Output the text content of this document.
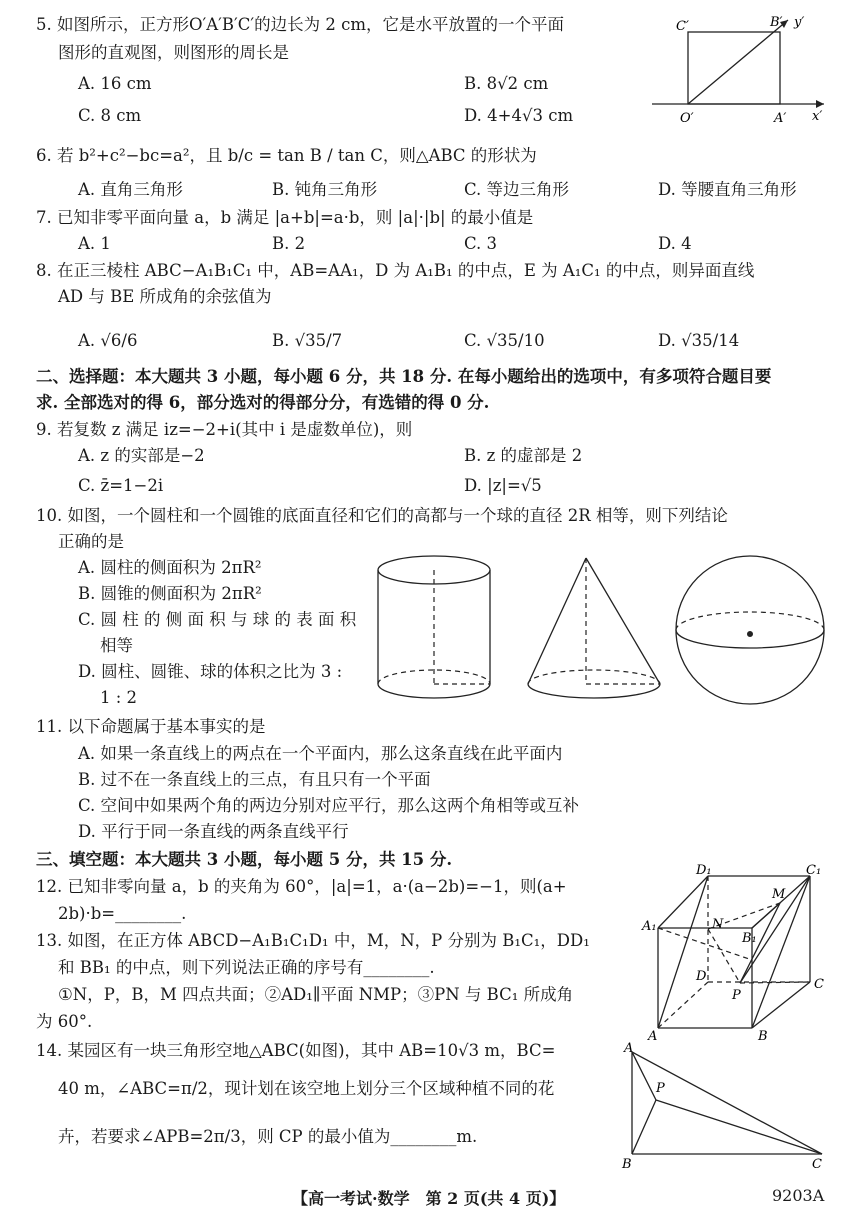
5. 如图所示，正方形O′A′B′C′的边长为 2 cm，它是水平放置的一个平面
图形的直观图，则图形的周长是
A. 16 cm	B. 8√2 cm
C. 8 cm	D. 4+4√3 cm
C′	B′ y′
O′	A′ x′
6. 若 b²+c²−bc=a²，且 b/c = tan B / tan C，则△ABC 的形状为
A. 直角三角形	B. 钝角三角形	C. 等边三角形	D. 等腰直角三角形
7. 已知非零平面向量 a，b 满足 |a+b|=a·b，则 |a|·|b| 的最小值是
A. 1	B. 2	C. 3	D. 4
8. 在正三棱柱 ABC−A₁B₁C₁ 中，AB=AA₁，D 为 A₁B₁ 的中点，E 为 A₁C₁ 的中点，则异面直线
AD 与 BE 所成角的余弦值为
A. √6/6	B. √35/7	C. √35/10	D. √35/14
二、选择题：本大题共 3 小题，每小题 6 分，共 18 分. 在每小题给出的选项中，有多项符合题目要
求. 全部选对的得 6，部分选对的得部分分，有选错的得 0 分.
9. 若复数 z 满足 iz=−2+i(其中 i 是虚数单位)，则
A. z 的实部是−2	B. z 的虚部是 2
C. z̄=1−2i	D. |z|=√5
10. 如图，一个圆柱和一个圆锥的底面直径和它们的高都与一个球的直径 2R 相等，则下列结论
正确的是
A. 圆柱的侧面积为 2πR²
B. 圆锥的侧面积为 2πR²
C. 圆 柱 的 侧 面 积 与 球 的 表 面 积
相等
D. 圆柱、圆锥、球的体积之比为 3 :
1 : 2
11. 以下命题属于基本事实的是
A. 如果一条直线上的两点在一个平面内，那么这条直线在此平面内
B. 过不在一条直线上的三点，有且只有一个平面
C. 空间中如果两个角的两边分别对应平行，那么这两个角相等或互补
D. 平行于同一条直线的两条直线平行
三、填空题：本大题共 3 小题，每小题 5 分，共 15 分.
12. 已知非零向量 a，b 的夹角为 60°，|a|=1，a·(a−2b)=−1，则(a+
2b)·b=________.
13. 如图，在正方体 ABCD−A₁B₁C₁D₁ 中，M，N，P 分别为 B₁C₁，DD₁
和 BB₁ 的中点，则下列说法正确的序号有________.
①N，P，B，M 四点共面；②AD₁∥平面 NMP；③PN 与 BC₁ 所成角
为 60°.
D₁	C₁
A₁	N
M
B₁
D
P
C
A	B
14. 某园区有一块三角形空地△ABC(如图)，其中 AB=10√3 m，BC=
40 m，∠ABC=π/2，现计划在该空地上划分三个区域种植不同的花
卉，若要求∠APB=2π/3，则 CP 的最小值为________m.
A
P
B	C
【高一考试·数学　第 2 页(共 4 页)】	9203A
